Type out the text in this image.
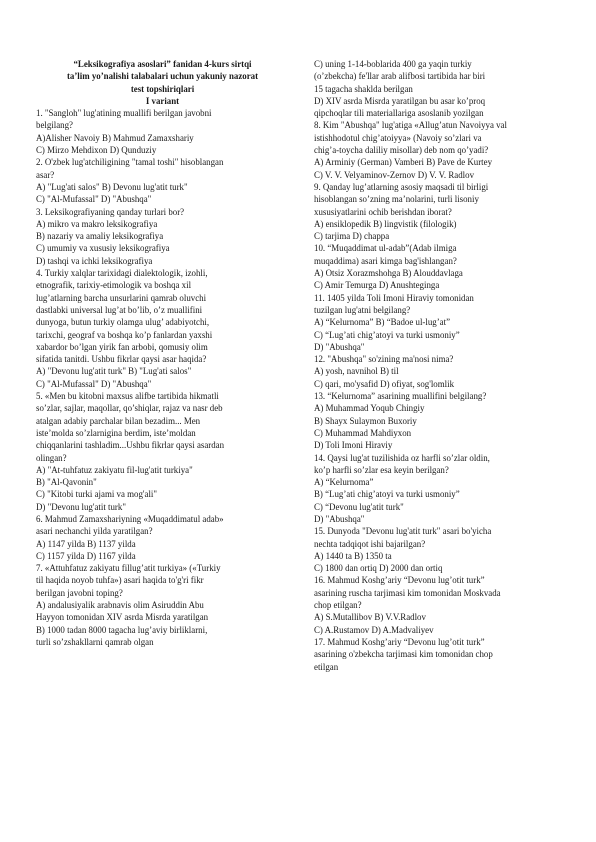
“Leksikografiya asoslari” fanidan 4-kurs sirtqi
ta’lim yo’nalishi talabalari uchun yakuniy nazorat
test topshiriqlari
I variant
1. "Sangloh" lug'atining muallifi berilgan javobni
belgilang?
A)Alisher Navoiy B) Mahmud Zamaxshariy
C) Mirzo Mehdixon D) Qunduziy
2. O'zbek lug'atchiligining "tamal toshi" hisoblangan
asar?
A) "Lug'ati salos" B) Devonu lug'atit turk"
C) "Al-Mufassal" D) "Abushqa"
3. Leksikografiyaning qanday turlari bor?
A) mikro va makro leksikografiya
B) nazariy va amaliy leksikografiya
C) umumiy va xususiy leksikografiya
D) tashqi va ichki leksikografiya
4. Turkiy xalqlar tarixidagi dialektologik, izohli,
etnografik, tarixiy-etimologik va boshqa xil
lug’atlarning barcha unsurlarini qamrab oluvchi
dastlabki universal lug’at bo’lib, o’z muallifini
dunyoga, butun turkiy olamga ulug’ adabiyotchi,
tarixchi, geograf va boshqa ko’p fanlardan yaxshi
xabardor bo’lgan yirik fan arbobi, qomusiy olim
sifatida tanitdi. Ushbu fikrlar qaysi asar haqida?
A) "Devonu lug'atit turk" B) "Lug'ati salos"
C) "Al-Mufassal" D) "Abushqa"
5. «Men bu kitobni maxsus alifbe tartibida hikmatli
so’zlar, sajlar, maqollar, qo’shiqlar, rajaz va nasr deb
atalgan adabiy parchalar bilan bezadim... Men
iste’molda so’zlarnigina berdim, iste’moldan
chiqqanlarini tashladim...Ushbu fikrlar qaysi asardan
olingan?
A) "At-tuhfatuz zakiyatu fil-lug'atit turkiya"
B) "Al-Qavonin"
C) "Kitobi turki ajami va mog'ali"
D) "Devonu lug'atit turk"
6. Mahmud Zamaxshariyning «Muqaddimatul adab»
asari nechanchi yilda yaratilgan?
A) 1147 yilda B) 1137 yilda
C) 1157 yilda D) 1167 yilda
7. «Attuhfatuz zakiyatu fillug’atit turkiya» («Turkiy
til haqida noyob tuhfa») asari haqida to'g'ri fikr
berilgan javobni toping?
A) andalusiyalik arabnavis olim Asiruddin Abu
Hayyon tomonidan XIV asrda Misrda yaratilgan
B) 1000 tadan 8000 tagacha lug’aviy birliklarni,
turli so’zshakllarni qamrab olgan
C) uning 1-14-boblarida 400 ga yaqin turkiy
(o’zbekcha) fe'llar arab alifbosi tartibida har biri
15 tagacha shaklda berilgan
D) XIV asrda Misrda yaratilgan bu asar ko’proq
qipchoqlar tili materiallariga asoslanib yozilgan
8. Kim "Abushqa" lug'atiga «Allug’atun Navoiyya val
istishhodotul chig’atoiyya» (Navoiy so’zlari va
chig’a-toycha daliliy misollar) deb nom qo’yadi?
A) Arminiy (German) Vamberi B) Pave de Kurtey
C) V. V. Velyaminov-Zernov D) V. V. Radlov
9. Qanday lug’atlarning asosiy maqsadi til birligi
hisoblangan so’zning ma’nolarini, turli lisoniy
xususiyatlarini ochib berishdan iborat?
A) ensiklopedik B) lingvistik (filologik)
C) tarjima D) chappa
10. “Muqaddimat ul-adab”(Adab ilmiga
muqaddima) asari kimga bag'ishlangan?
A) Otsiz Xorazmshohga B) Alouddavlaga
C) Amir Temurga D) Anushteginga
11. 1405 yilda Toli Imoni Hiraviy tomonidan
tuzilgan lug'atni belgilang?
A) “Kelurnoma” B) “Badoe ul-lug’at”
C) “Lug’ati chig’atoyi va turki usmoniy”
D) "Abushqa"
12. "Abushqa" so'zining ma'nosi nima?
A) yosh, navnihol B) til
C) qari, mo'ysafid D) ofiyat, sog'lomlik
13. “Kelurnoma” asarining muallifini belgilang?
A) Muhammad Yoqub Chingiy
B) Shayx Sulaymon Buxoriy
C) Muhammad Mahdiyxon
D) Toli Imoni Hiraviy
14. Qaysi lug'at tuzilishida oz harfli so’zlar oldin,
ko’p harfli so’zlar esa keyin berilgan?
A) “Kelurnoma”
B) “Lug’ati chig’atoyi va turki usmoniy”
C) “Devonu lug'atit turk"
D) "Abushqa"
15. Dunyoda "Devonu lug'atit turk" asari bo'yicha
nechta tadqiqot ishi bajarilgan?
A) 1440 ta B) 1350 ta
C) 1800 dan ortiq D) 2000 dan ortiq
16. Mahmud Koshg’ariy “Devonu lug’otit turk”
asarining ruscha tarjimasi kim tomonidan Moskvada
chop etilgan?
A) S.Mutallibov B) V.V.Radlov
C) A.Rustamov D) A.Madvaliyev
17. Mahmud Koshg’ariy “Devonu lug’otit turk”
asarining o'zbekcha tarjimasi kim tomonidan chop
etilgan
